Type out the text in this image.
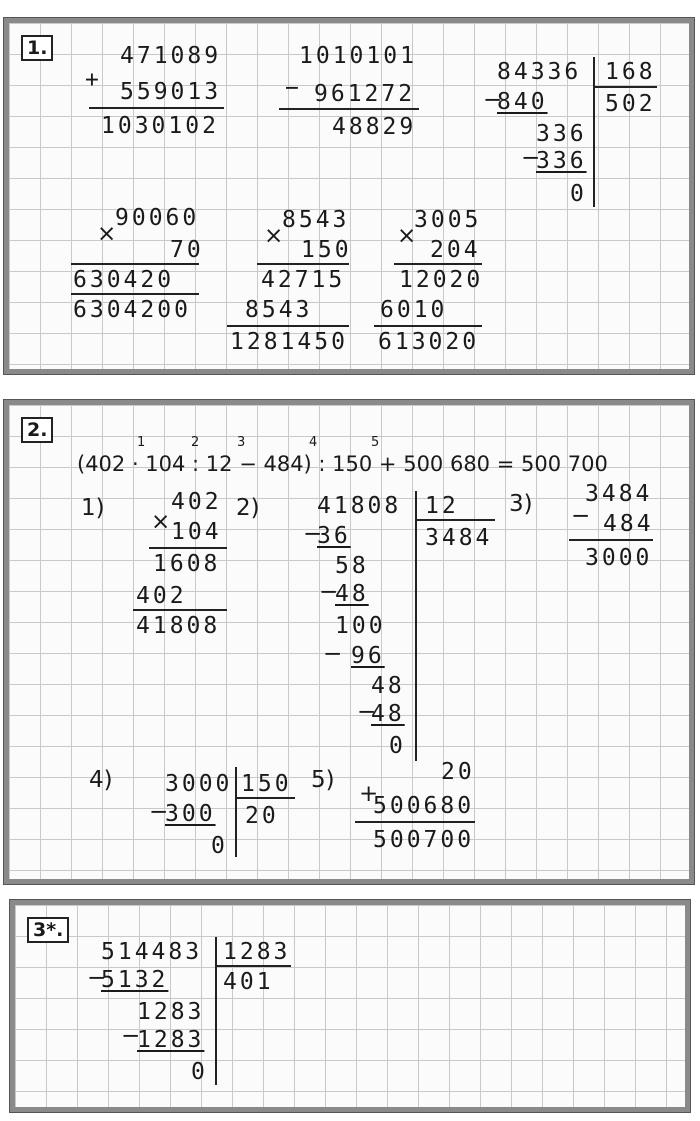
1.
+
471089
559013
1030102
−
1010101
961272
48829
84336 168
502
−
840
336
−
336
0
90060
×
70
630420
6304200
8543
×
150
42715
8543
1281450
3005
×
204
12020
6010
613020
2.
(402 · 104 : 12 − 484) : 150 + 500 680 = 500 700
1	2	3	4	5
1)	402
× 104
1608
402
41808
2) 41808 12
3484
−
36
58
−
48
100
− 96
48
−
48
0
3) 3484
− 484
3000
4) 3000 150
20
−
300
0
5)	20
+
500680
500700
3*.
514483 1283
401
−
5132
1283
−
1283
0
